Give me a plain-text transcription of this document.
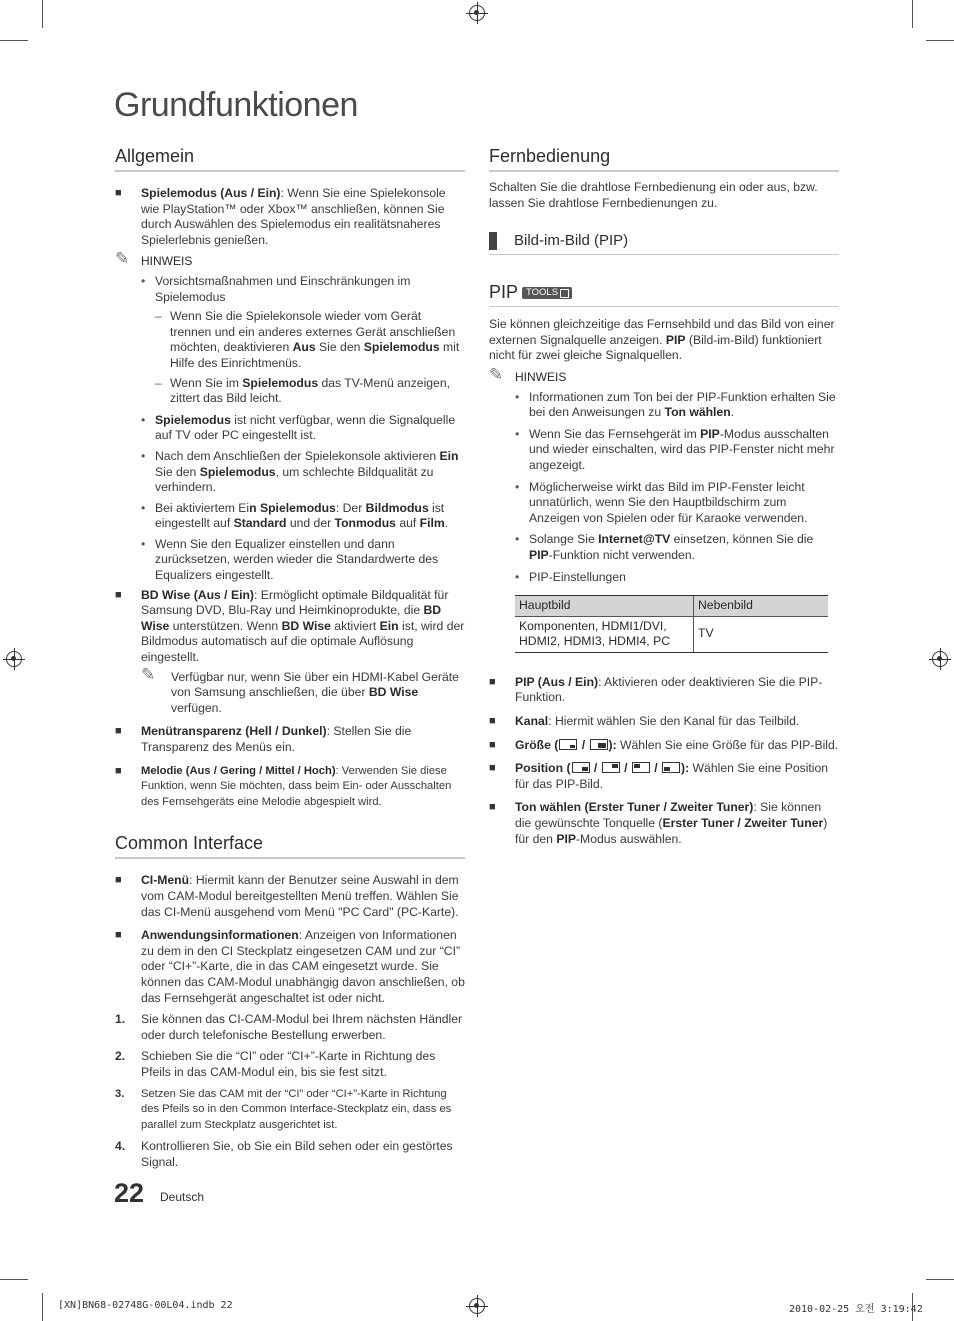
Grundfunktionen
Allgemein
■ Spielemodus (Aus / Ein): Wenn Sie eine Spielekonsole wie PlayStation™ oder Xbox™ anschließen, können Sie durch Auswählen des Spielemodus ein realitätsnaheres Spielerlebnis genießen.
✎ HINWEIS
• Vorsichtsmaßnahmen und Einschränkungen im Spielemodus
– Wenn Sie die Spielekonsole wieder vom Gerät trennen und ein anderes externes Gerät anschließen möchten, deaktivieren Aus Sie den Spielemodus mit Hilfe des Einrichtmenüs.
– Wenn Sie im Spielemodus das TV-Menü anzeigen, zittert das Bild leicht.
• Spielemodus ist nicht verfügbar, wenn die Signalquelle auf TV oder PC eingestellt ist.
• Nach dem Anschließen der Spielekonsole aktivieren Ein Sie den Spielemodus, um schlechte Bildqualität zu verhindern.
• Bei aktiviertem Ein Spielemodus: Der Bildmodus ist eingestellt auf Standard und der Tonmodus auf Film.
• Wenn Sie den Equalizer einstellen und dann zurücksetzen, werden wieder die Standardwerte des Equalizers eingestellt.
■ BD Wise (Aus / Ein): Ermöglicht optimale Bildqualität für Samsung DVD, Blu-Ray und Heimkinoprodukte, die BD Wise unterstützen. Wenn BD Wise aktiviert Ein ist, wird der Bildmodus automatisch auf die optimale Auflösung eingestellt.
✎ Verfügbar nur, wenn Sie über ein HDMI-Kabel Geräte von Samsung anschließen, die über BD Wise verfügen.
■ Menütransparenz (Hell / Dunkel): Stellen Sie die Transparenz des Menüs ein.
■ Melodie (Aus / Gering / Mittel / Hoch): Verwenden Sie diese Funktion, wenn Sie möchten, dass beim Ein- oder Ausschalten des Fernsehgeräts eine Melodie abgespielt wird.
Common Interface
■ CI-Menü: Hiermit kann der Benutzer seine Auswahl in dem vom CAM-Modul bereitgestellten Menü treffen. Wählen Sie das CI-Menü ausgehend vom Menü "PC Card" (PC-Karte).
■ Anwendungsinformationen: Anzeigen von Informationen zu dem in den CI Steckplatz eingesetzen CAM und zur “CI” oder “CI+”-Karte, die in das CAM eingesetzt wurde. Sie können das CAM-Modul unabhängig davon anschließen, ob das Fernsehgerät angeschaltet ist oder nicht.
1. Sie können das CI-CAM-Modul bei Ihrem nächsten Händler oder durch telefonische Bestellung erwerben.
2. Schieben Sie die “CI” oder “CI+”-Karte in Richtung des Pfeils in das CAM-Modul ein, bis sie fest sitzt.
3. Setzen Sie das CAM mit der “CI” oder “CI+”-Karte in Richtung des Pfeils so in den Common Interface-Steckplatz ein, dass es parallel zum Steckplatz ausgerichtet ist.
4. Kontrollieren Sie, ob Sie ein Bild sehen oder ein gestörtes Signal.
Fernbedienung
Schalten Sie die drahtlose Fernbedienung ein oder aus, bzw. lassen Sie drahtlose Fernbedienungen zu.
Bild-im-Bild (PIP)
PIP TOOLS
Sie können gleichzeitige das Fernsehbild und das Bild von einer externen Signalquelle anzeigen. PIP (Bild-im-Bild) funktioniert nicht für zwei gleiche Signalquellen.
✎ HINWEIS
• Informationen zum Ton bei der PIP-Funktion erhalten Sie bei den Anweisungen zu Ton wählen.
• Wenn Sie das Fernsehgerät im PIP-Modus ausschalten und wieder einschalten, wird das PIP-Fenster nicht mehr angezeigt.
• Möglicherweise wirkt das Bild im PIP-Fenster leicht unnatürlich, wenn Sie den Hauptbildschirm zum Anzeigen von Spielen oder für Karaoke verwenden.
• Solange Sie Internet@TV einsetzen, können Sie die PIP-Funktion nicht verwenden.
• PIP-Einstellungen
Hauptbild	Nebenbild
Komponenten, HDMI1/DVI, HDMI2, HDMI3, HDMI4, PC	TV
■ PIP (Aus / Ein): Aktivieren oder deaktivieren Sie die PIP-Funktion.
■ Kanal: Hiermit wählen Sie den Kanal für das Teilbild.
■ Größe ( / ): Wählen Sie eine Größe für das PIP-Bild.
■ Position ( /  /  / ): Wählen Sie eine Position für das PIP-Bild.
■ Ton wählen (Erster Tuner / Zweiter Tuner): Sie können die gewünschte Tonquelle (Erster Tuner / Zweiter Tuner) für den PIP-Modus auswählen.
22 Deutsch
[XN]BN68-02748G-00L04.indb 22	2010-02-25 오전 3:19:42
